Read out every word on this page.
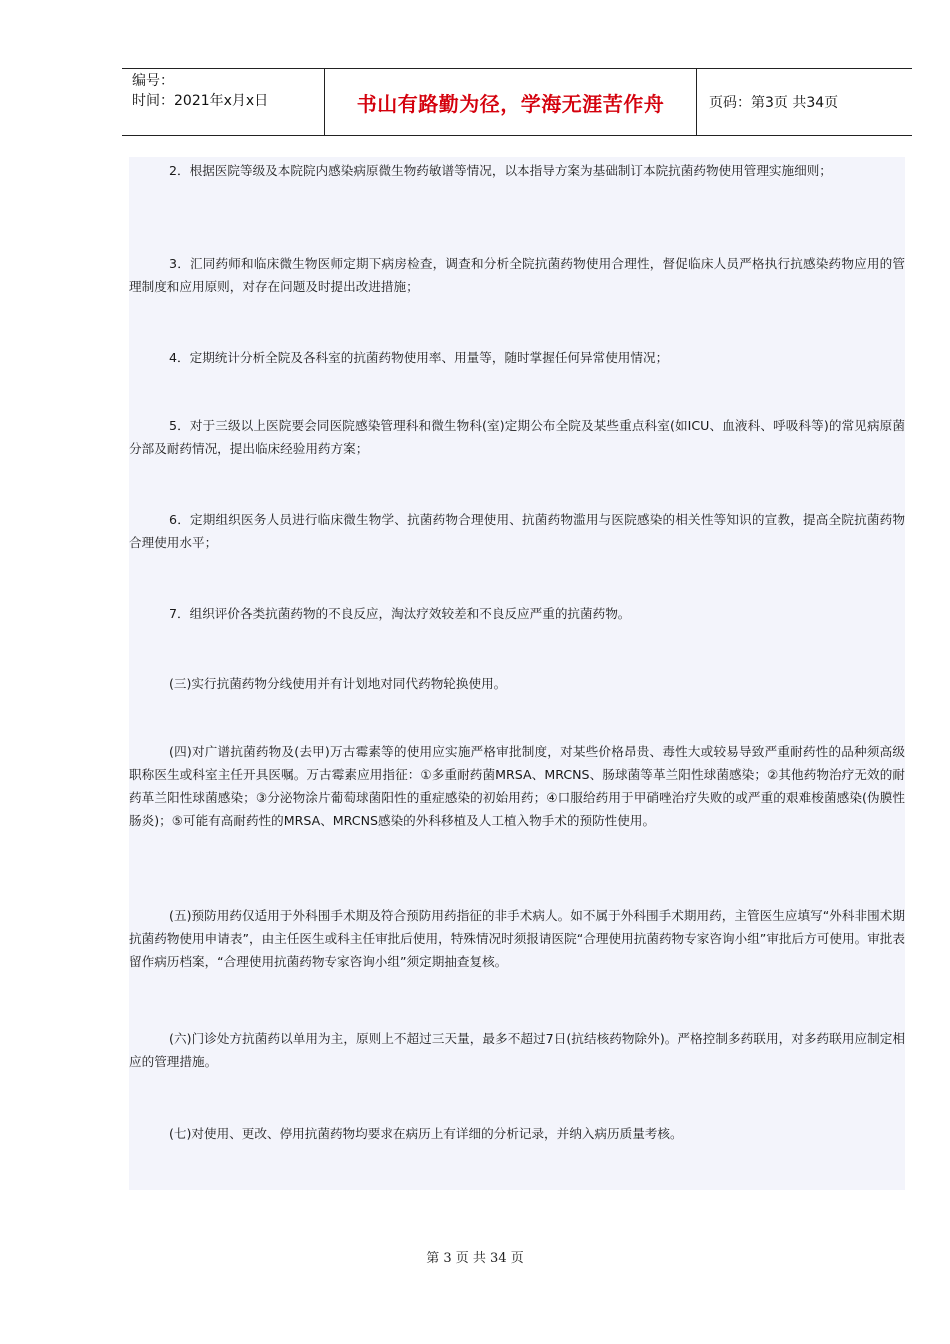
编号：
时间：2021年x月x日	书山有路勤为径，学海无涯苦作舟	页码：第3页 共34页

2．根据医院等级及本院院内感染病原微生物药敏谱等情况，以本指导方案为基础制订本院抗菌药物使用管理实施细则；

3．汇同药师和临床微生物医师定期下病房检查，调查和分析全院抗菌药物使用合理性，督促临床人员严格执行抗感染药物应用的管理制度和应用原则，对存在问题及时提出改进措施；

4．定期统计分析全院及各科室的抗菌药物使用率、用量等，随时掌握任何异常使用情况；

5．对于三级以上医院要会同医院感染管理科和微生物科(室)定期公布全院及某些重点科室(如ICU、血液科、呼吸科等)的常见病原菌分部及耐药情况，提出临床经验用药方案；

6．定期组织医务人员进行临床微生物学、抗菌药物合理使用、抗菌药物滥用与医院感染的相关性等知识的宣教，提高全院抗菌药物合理使用水平；

7．组织评价各类抗菌药物的不良反应，淘汰疗效较差和不良反应严重的抗菌药物。

(三)实行抗菌药物分线使用并有计划地对同代药物轮换使用。

(四)对广谱抗菌药物及(去甲)万古霉素等的使用应实施严格审批制度，对某些价格昂贵、毒性大或较易导致严重耐药性的品种须高级职称医生或科室主任开具医嘱。万古霉素应用指征：①多重耐药菌MRSA、MRCNS、肠球菌等革兰阳性球菌感染；②其他药物治疗无效的耐药革兰阳性球菌感染；③分泌物涂片葡萄球菌阳性的重症感染的初始用药；④口服给药用于甲硝唑治疗失败的或严重的艰难梭菌感染(伪膜性肠炎)；⑤可能有高耐药性的MRSA、MRCNS感染的外科移植及人工植入物手术的预防性使用。

(五)预防用药仅适用于外科围手术期及符合预防用药指征的非手术病人。如不属于外科围手术期用药，主管医生应填写“外科非围术期抗菌药物使用申请表”，由主任医生或科主任审批后使用，特殊情况时须报请医院“合理使用抗菌药物专家咨询小组”审批后方可使用。审批表留作病历档案，“合理使用抗菌药物专家咨询小组”须定期抽查复核。

(六)门诊处方抗菌药以单用为主，原则上不超过三天量，最多不超过7日(抗结核药物除外)。严格控制多药联用，对多药联用应制定相应的管理措施。

(七)对使用、更改、停用抗菌药物均要求在病历上有详细的分析记录，并纳入病历质量考核。

第 3 页 共 34 页
